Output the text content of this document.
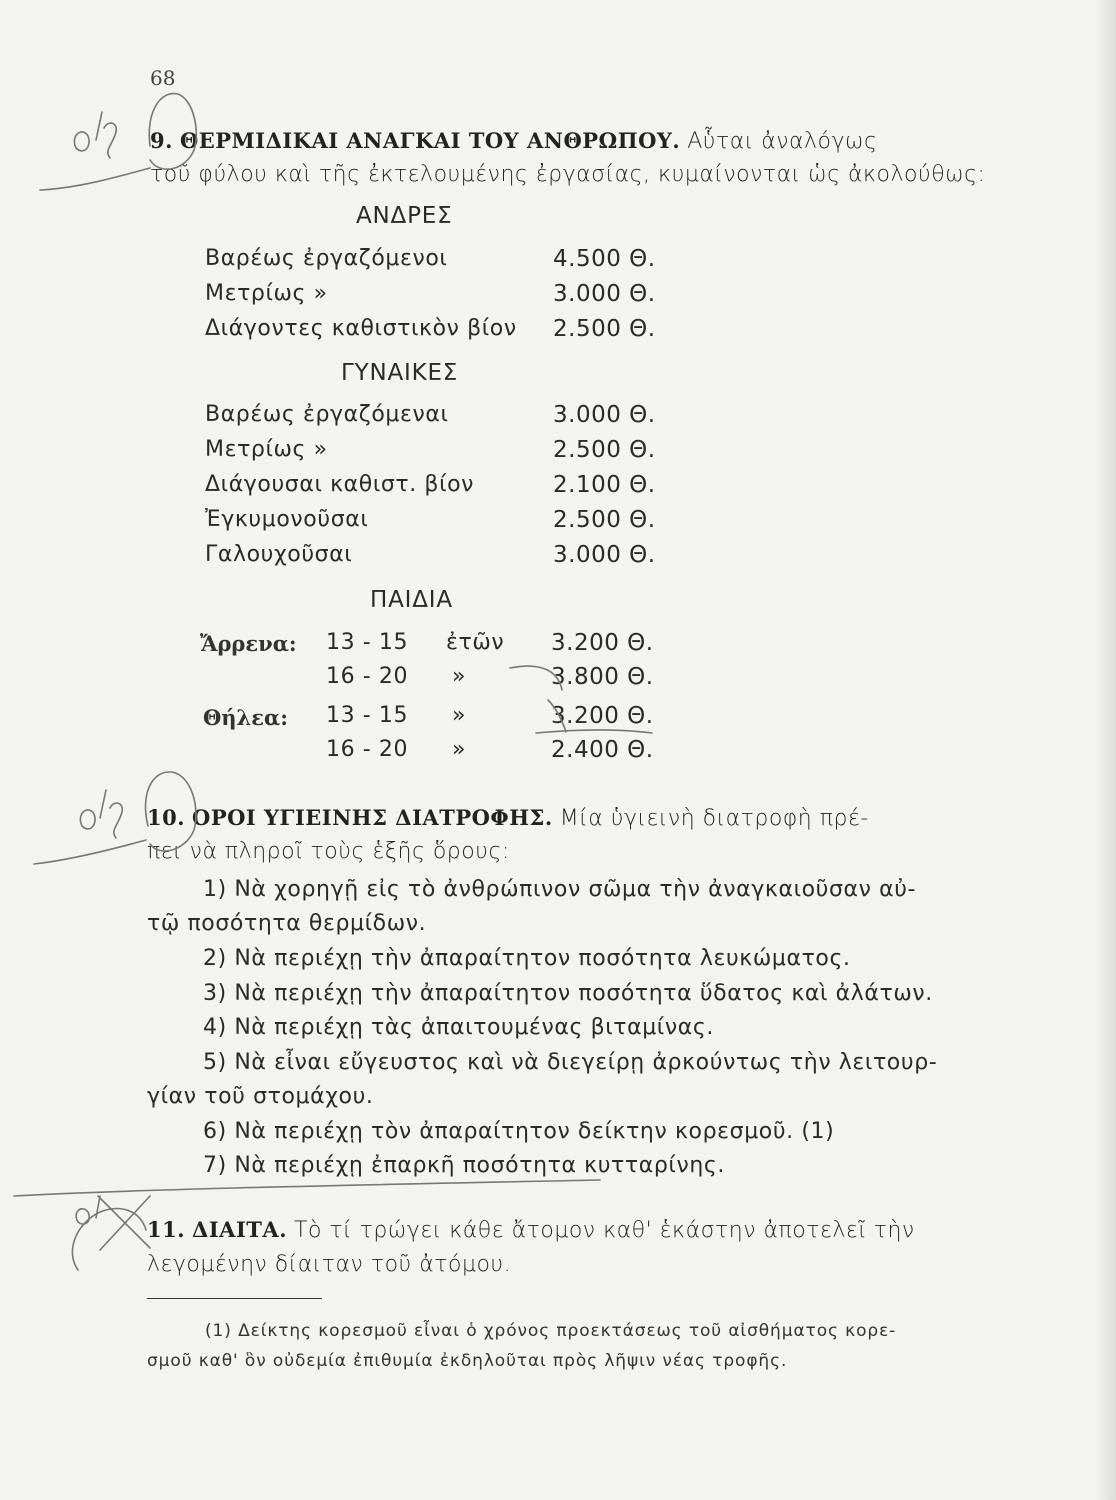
68
9. ΘΕΡΜΙΔΙΚΑΙ ΑΝΑΓΚΑΙ ΤΟΥ ΑΝΘΡΩΠΟΥ. Αὗται ἀναλόγως
τοῦ φύλου καὶ τῆς ἐκτελουμένης ἐργασίας, κυμαίνονται ὡς ἀκολούθως:
ΑΝΔΡΕΣ
Βαρέως ἐργαζόμενοι	4.500 Θ.
Μετρίως »	3.000 Θ.
Διάγοντες καθιστικὸν βίον 2.500 Θ.
ΓΥΝΑΙΚΕΣ
Βαρέως ἐργαζόμεναι	3.000 Θ.
Μετρίως »	2.500 Θ.
Διάγουσαι καθιστ. βίον	2.100 Θ.
Ἐγκυμονοῦσαι	2.500 Θ.
Γαλουχοῦσαι	3.000 Θ.
ΠΑΙΔΙΑ
Ἄρρενα: 13 - 15 ἐτῶν 3.200 Θ.
16 - 20 »	3.800 Θ.
Θήλεα: 13 - 15 »	3.200 Θ.
16 - 20 »	2.400 Θ.
10. ΟΡΟΙ ΥΓΙΕΙΝΗΣ ΔΙΑΤΡΟΦΗΣ. Μία ὑγιεινὴ διατροφὴ πρέ-
πει νὰ πληροῖ τοὺς ἑξῆς ὅρους:
1) Νὰ χορηγῇ εἰς τὸ ἀνθρώπινον σῶμα τὴν ἀναγκαιοῦσαν αὐ-
τῷ ποσότητα θερμίδων.
2) Νὰ περιέχῃ τὴν ἀπαραίτητον ποσότητα λευκώματος.
3) Νὰ περιέχῃ τὴν ἀπαραίτητον ποσότητα ὕδατος καὶ ἀλάτων.
4) Νὰ περιέχῃ τὰς ἀπαιτουμένας βιταμίνας.
5) Νὰ εἶναι εὔγευστος καὶ νὰ διεγείρῃ ἀρκούντως τὴν λειτουρ-
γίαν τοῦ στομάχου.
6) Νὰ περιέχῃ τὸν ἀπαραίτητον δείκτην κορεσμοῦ. (1)
7) Νὰ περιέχῃ ἐπαρκῆ ποσότητα κυτταρίνης.
11. ΔΙΑΙΤΑ. Τὸ τί τρώγει κάθε ἄτομον καθ' ἑκάστην ἀποτελεῖ τὴν
λεγομένην δίαιταν τοῦ ἀτόμου.
(1) Δείκτης κορεσμοῦ εἶναι ὁ χρόνος προεκτάσεως τοῦ αἰσθήματος κορε-
σμοῦ καθ' ὃν οὐδεμία ἐπιθυμία ἐκδηλοῦται πρὸς λῆψιν νέας τροφῆς.
